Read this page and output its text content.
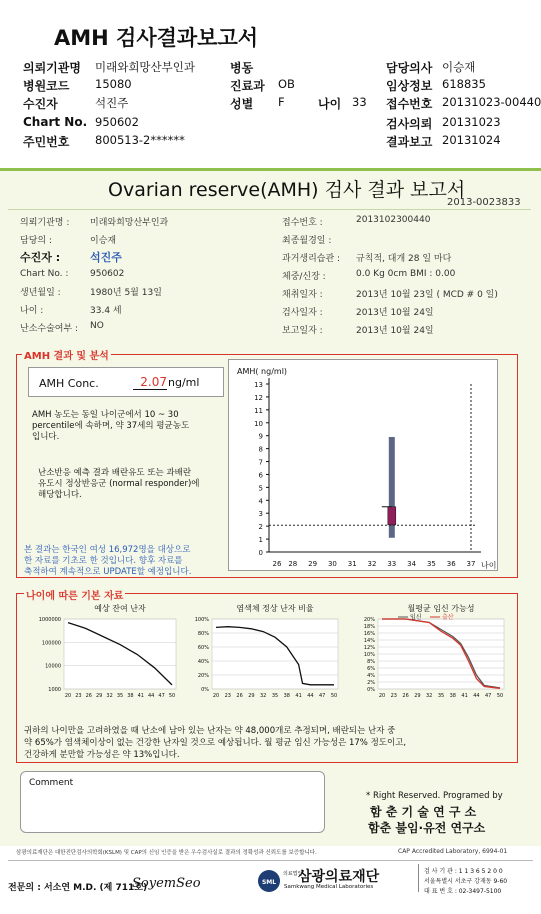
AMH 검사결과보고서
의뢰기관명 미래와희망산부인과
병원코드 15080
수진자	석진주
Chart No. 950602
주민번호 800513-2******
병동
진료과 OB
성별 F	나이 33
담당의사 이승재
임상정보 618835
접수번호 20131023-00440
검사의뢰 20131023
결과보고 20131024
Ovarian reserve(AMH) 검사 결과 보고서
2013-0023833
의뢰기관명 : 미래와희망산부인과
담당의 :	이승재
수진자 :	석진주
Chart No. : 950602
생년월일 :	1980년 5월 13일
나이 :	33.4 세
난소수술여부 : NO
접수번호 :	2013102300440
최종월경일 :
과거생리습관 : 규칙적, 대개 28 일 마다
체중/신장 :	0.0 Kg 0cm BMI : 0.00
채취일자 :	2013년 10월 23일 ( MCD # 0 일)
검사일자 :	2013년 10월 24일
보고일자 :	2013년 10월 24일
AMH 결과 및 분석
AMH Conc.	2.07 ng/ml
AMH 농도는 동일 나이군에서 10 ~ 30
percentile에 속하며, 약 37세의 평균농도
입니다.
난소반응 예측 결과 배란유도 또는 과배란
유도시 정상반응군 (normal responder)에
해당합니다.
본 결과는 한국인 여성 16,972명을 대상으로
한 자료를 기초로 한 것입니다. 향후 자료를
축적하여 계속적으로 UPDATE할 예정입니다.
AMH( ng/ml)
0
1
2
3
4
5
6
7
8
9
10
11
12
13
26 28 29 30 31 32 33 34 35 36 37 나이
나이에 따른 기본 자료
예상 잔여 난자
1000000
100000
10000
1000
20 23 26 29 32 35 38 41 44 47 50
염색체 정상 난자 비율
100%
80%
60%
40%
20%
0%
20 23 26 29 32 35 38 41 44 47 50
월평균 임신 가능성
20%
18%
16%
14%
12%
10%
8%
6%
4%
2%
0%
20 23 26 29 32 35 38 41 44 47 50
임신	출산
귀하의 나이만을 고려하였을 때 난소에 남아 있는 난자는 약 48,000개로 추정되며, 배란되는 난자 중
약 65%가 염색체이상이 없는 건강한 난자일 것으로 예상됩니다. 월 평균 임신 가능성은 17% 정도이고,
건강하게 분만할 가능성은 약 13%입니다.
Comment
* Right Reserved. Programed by
함 춘 기 술 연 구 소
함춘 불임·유전 연구소
삼광의료재단은 대한진단검사의학회(KSLM) 및 CAP의 신임 인증을 받은 우수검사실로 결과의 정확성과 신뢰도를 보증합니다.	CAP Accredited Laboratory, 6994-01
전문의 : 서소연 M.D. (제 711호)
SoyemSeo	SML
의료법인
삼광의료재단
Samkwang Medical Laboratories
검 사 기 관 : 1 1 3 6 5 2 0 0
서울특별시 서초구 강재동 9-60
대 표 번 호 : 02-3497-5100
